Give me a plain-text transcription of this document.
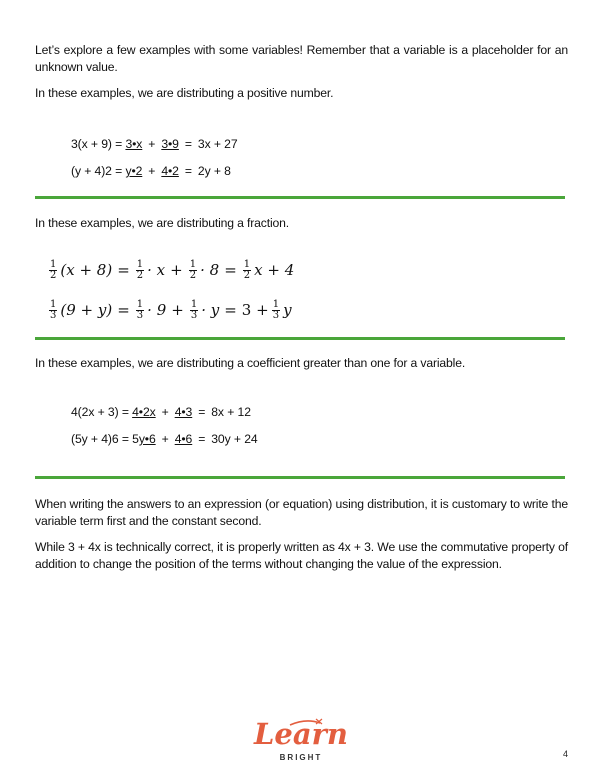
Let’s explore a few examples with some variables! Remember that a variable is a placeholder for an unknown value.
In these examples, we are distributing a positive number.
3(x + 9) = 3•x + 3•9 = 3x + 27
(y + 4)2 = y•2 + 4•2 = 2y + 8
In these examples, we are distributing a fraction.
$\frac{1}{2} (x + 8) = \frac{1}{2} \cdot x + \frac{1}{2} \cdot 8 = \frac{1}{2}$ x + 4
$\frac{1}{3} (9 + y) = \frac{1}{3} \cdot 9 + \frac{1}{3} \cdot y = 3 + \frac{1}{3}$ y
In these examples, we are distributing a coefficient greater than one for a variable.
4(2x + 3) = 4•2x + 4•3 = 8x + 12
(5y + 4)6 = 5y•6 + 4•6 = 30y + 24
When writing the answers to an expression (or equation) using distribution, it is customary to write the variable term first and the constant second.
While 3 + 4x is technically correct, it is properly written as 4x + 3. We use the commutative property of addition to change the position of the terms without changing the value of the expression.
Learn
BRIGHT	4
